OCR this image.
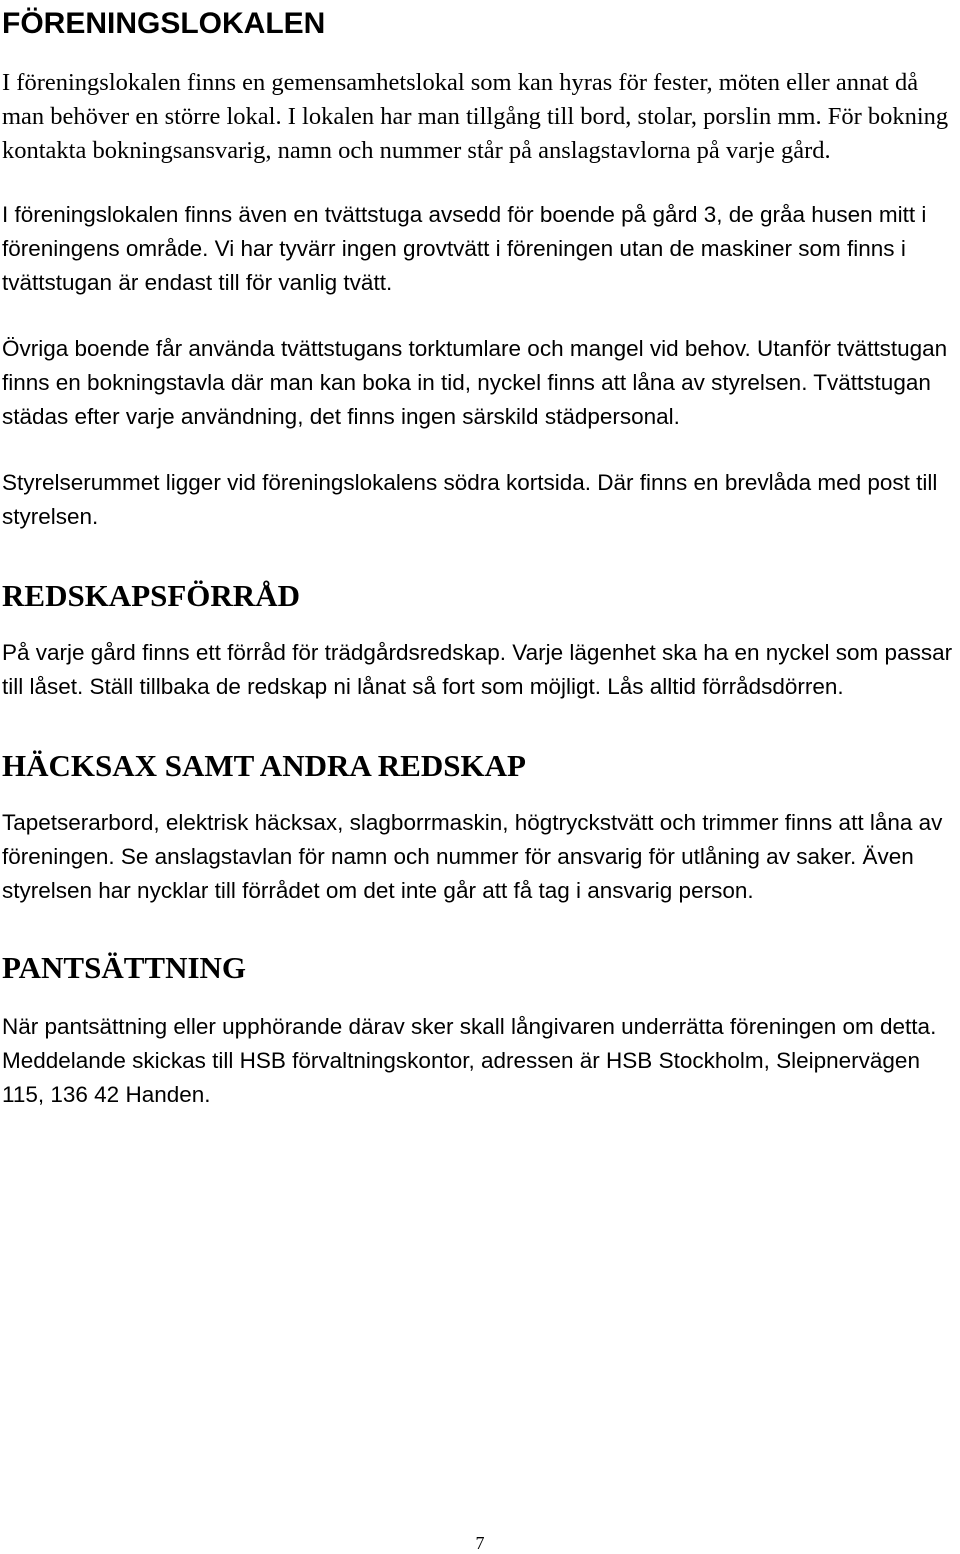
FÖRENINGSLOKALEN

I föreningslokalen finns en gemensamhetslokal som kan hyras för fester, möten eller annat då man behöver en större lokal. I lokalen har man tillgång till bord, stolar, porslin mm. För bokning kontakta bokningsansvarig, namn och nummer står på anslagstavlorna på varje gård.

I föreningslokalen finns även en tvättstuga avsedd för boende på gård 3, de gråa husen mitt i föreningens område. Vi har tyvärr ingen grovtvätt i föreningen utan de maskiner som finns i tvättstugan är endast till för vanlig tvätt.

Övriga boende får använda tvättstugans torktumlare och mangel vid behov. Utanför tvättstugan finns en bokningstavla där man kan boka in tid, nyckel finns att låna av styrelsen. Tvättstugan städas efter varje användning, det finns ingen särskild städpersonal.

Styrelserummet ligger vid föreningslokalens södra kortsida. Där finns en brevlåda med post till styrelsen.

REDSKAPSFÖRRÅD

På varje gård finns ett förråd för trädgårdsredskap. Varje lägenhet ska ha en nyckel som passar till låset. Ställ tillbaka de redskap ni lånat så fort som möjligt. Lås alltid förrådsdörren.

HÄCKSAX SAMT ANDRA REDSKAP

Tapetserarbord, elektrisk häcksax, slagborrmaskin, högtryckstvätt och trimmer finns att låna av föreningen. Se anslagstavlan för namn och nummer för ansvarig för utlåning av saker. Även styrelsen har nycklar till förrådet om det inte går att få tag i ansvarig person.

PANTSÄTTNING

När pantsättning eller upphörande därav sker skall långivaren underrätta föreningen om detta. Meddelande skickas till HSB förvaltningskontor, adressen är HSB Stockholm, Sleipnervägen 115, 136 42 Handen.

7
